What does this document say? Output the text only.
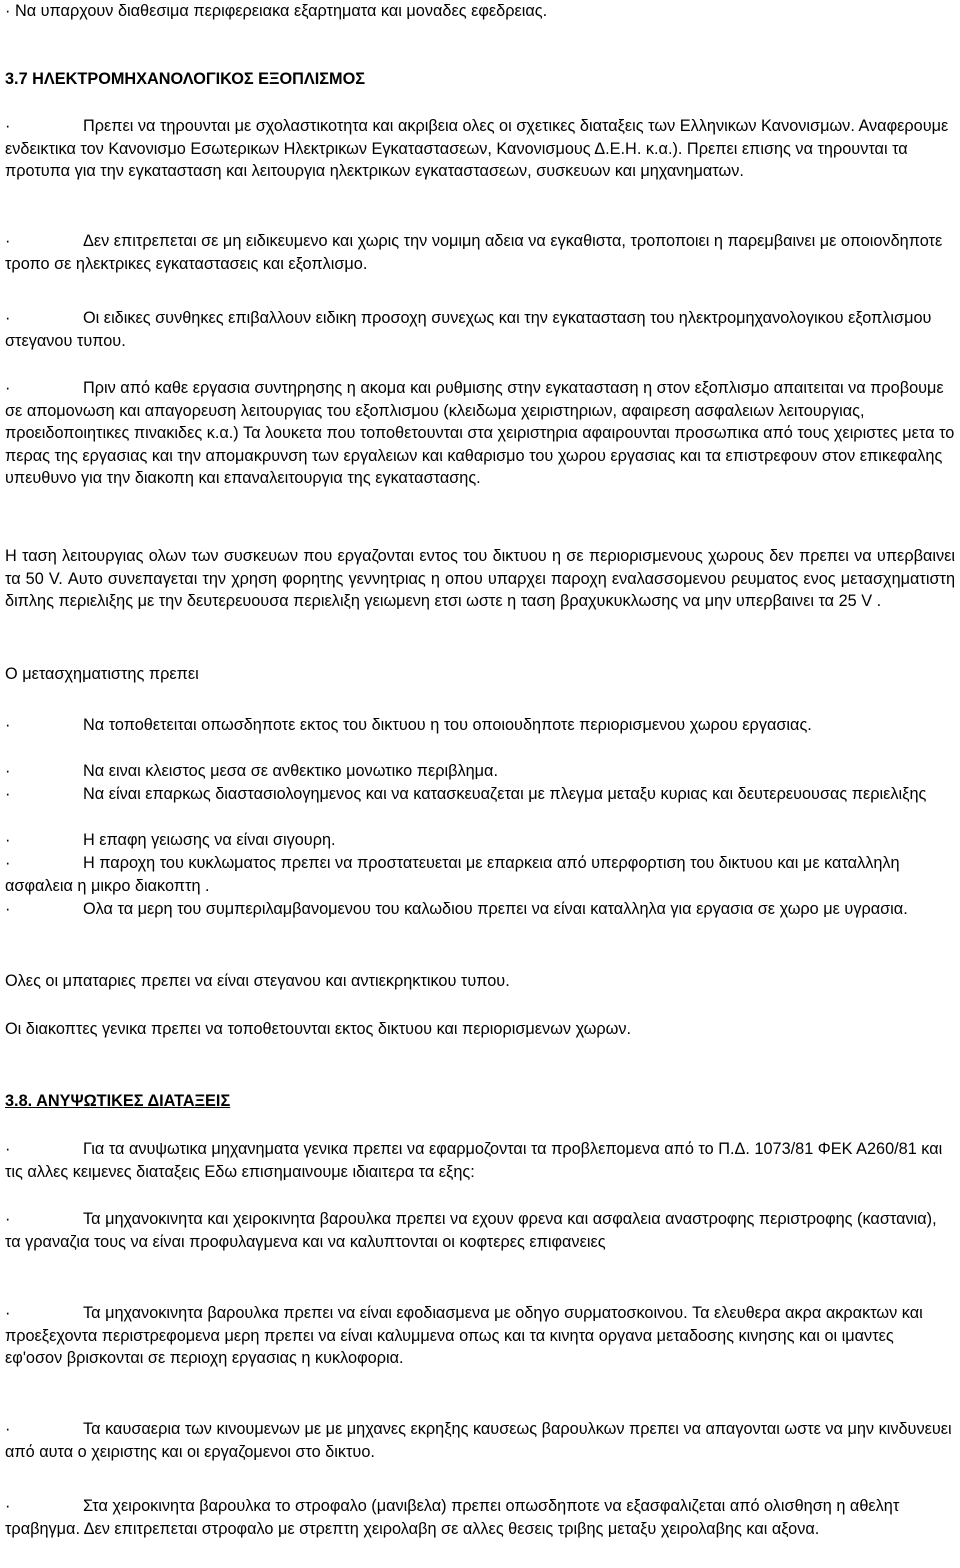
· Να υπαρχουν διαθεσιμα περιφερειακα εξαρτηματα και μοναδες εφεδρειας.

3.7 ΗΛΕΚΤΡΟΜΗΧΑΝΟΛΟΓΙΚΟΣ ΕΞΟΠΛΙΣΜΟΣ

·	Πρεπει να τηρουνται με σχολαστικοτητα και ακριβεια ολες οι σχετικες διαταξεις των Ελληνικων Κανονισμων. Αναφερουμε ενδεικτικα τον Κανονισμο Εσωτερικων Ηλεκτρικων Εγκαταστασεων, Κανονισμους Δ.Ε.Η. κ.α.). Πρεπει επισης να τηρουνται τα προτυπα για την εγκατασταση και λειτουργια ηλεκτρικων εγκαταστασεων, συσκευων και μηχανηματων.

·	Δεν επιτρεπεται σε μη ειδικευμενο και χωρις την νομιμη αδεια να εγκαθιστα, τροποποιει η παρεμβαινει με οποιονδηποτε τροπο σε ηλεκτρικες εγκαταστασεις και εξοπλισμο.

·	Οι ειδικες συνθηκες επιβαλλουν ειδικη προσοχη συνεχως και την εγκατασταση του ηλεκτρομηχανολογικου εξοπλισμου στεγανου τυπου.

·	Πριν από καθε εργασια συντηρησης η ακομα και ρυθμισης στην εγκατασταση η στον εξοπλισμο απαιτειται να προβουμε σε απομονωση και απαγορευση λειτουργιας του εξοπλισμου (κλειδωμα χειριστηριων, αφαιρεση ασφαλειων λειτουργιας, προειδοποιητικες πινακιδες κ.α.) Τα λουκετα που τοποθετουνται στα χειριστηρια αφαιρουνται προσωπικα από τους χειριστες μετα το περας της εργασιας και την απομακρυνση των εργαλειων και καθαρισμο του χωρου εργασιας και τα επιστρεφουν στον επικεφαλης υπευθυνο για την διακοπη και επαναλειτουργια της εγκαταστασης.

Η ταση λειτουργιας ολων των συσκευων που εργαζονται εντος του δικτυου η σε περιορισμενους χωρους δεν πρεπει να υπερβαινει τα 50 V. Αυτο συνεπαγεται την χρηση φορητης γεννητριας η οπου υπαρχει παροχη εναλασσομενου ρευματος ενος μετασχηματιστη διπλης περιελιξης με την δευτερευουσα περιελιξη γειωμενη ετσι ωστε η ταση βραχυκυκλωσης να μην υπερβαινει τα 25 V .

Ο μετασχηματιστης πρεπει

·	Να τοποθετειται οπωσδηποτε εκτος του δικτυου η του οποιουδηποτε περιορισμενου χωρου εργασιας.

·	Να ειναι κλειστος μεσα σε ανθεκτικο μονωτικο περιβλημα.

·	Να είναι επαρκως διαστασιολογημενος και να κατασκευαζεται με πλεγμα μεταξυ κυριας και δευτερευουσας περιελιξης

·	Η επαφη γειωσης να είναι σιγουρη.

·	Η παροχη του κυκλωματος πρεπει να προστατευεται με επαρκεια από υπερφορτιση του δικτυου και με καταλληλη ασφαλεια η μικρο διακοπτη .

·	Ολα τα μερη του συμπεριλαμβανομενου του καλωδιου πρεπει να είναι καταλληλα για εργασια σε χωρο με υγρασια.

Ολες οι μπαταριες πρεπει να είναι στεγανου και αντιεκρηκτικου τυπου.

Οι διακοπτες γενικα πρεπει να τοποθετουνται εκτος δικτυου και περιορισμενων χωρων.

3.8. ΑΝΥΨΩΤΙΚΕΣ ΔΙΑΤΑΞΕΙΣ

·	Για τα ανυψωτικα μηχανηματα γενικα πρεπει να εφαρμοζονται τα προβλεπομενα από το Π.Δ. 1073/81 ΦΕΚ Α260/81 και τις αλλες κειμενες διαταξεις Εδω επισημαινουμε ιδιαιτερα τα εξης:

·	Τα μηχανοκινητα και χειροκινητα βαρουλκα πρεπει να εχουν φρενα και ασφαλεια αναστροφης περιστροφης (καστανια), τα γραναζια τους να είναι προφυλαγμενα και να καλυπτονται οι κοφτερες επιφανειες

·	Τα μηχανοκινητα βαρουλκα πρεπει να είναι εφοδιασμενα με οδηγο συρματοσκοινου. Τα ελευθερα ακρα ακρακτων και προεξεχοντα περιστρεφομενα μερη πρεπει να είναι καλυμμενα οπως και τα κινητα οργανα μεταδοσης κινησης και οι ιμαντες εφ'οσον βρισκονται σε περιοχη εργασιας η κυκλοφορια.

·	Τα καυσαερια των κινουμενων με με μηχανες εκρηξης καυσεως βαρουλκων πρεπει να απαγονται ωστε να μην κινδυνευει από αυτα ο χειριστης και οι εργαζομενοι στο δικτυο.

·	Στα χειροκινητα βαρουλκα το στροφαλο (μανιβελα) πρεπει οπωσδηποτε να εξασφαλιζεται από ολισθηση η αθελητ τραβηγμα. Δεν επιτρεπεται στροφαλο με στρεπτη χειρολαβη σε αλλες θεσεις τριβης μεταξυ χειρολαβης και αξονα.
